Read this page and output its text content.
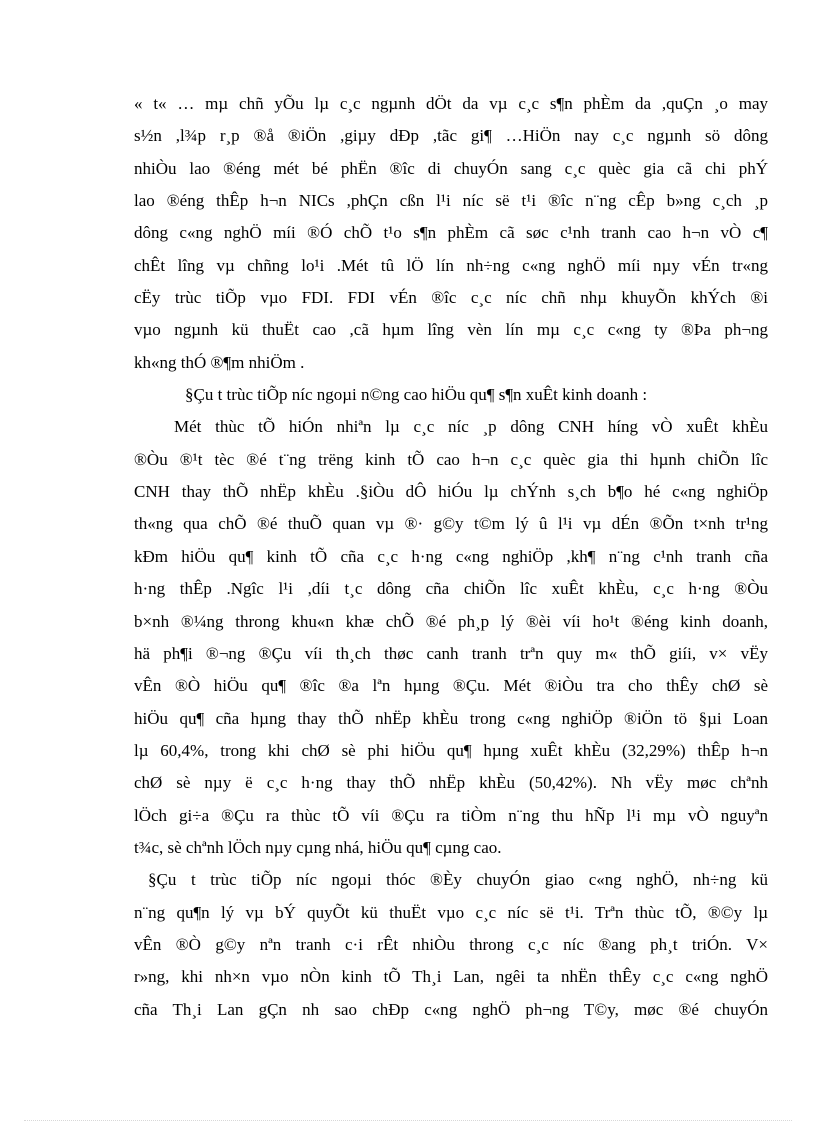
« t« … mµ chñ yÕu lµ c¸c ngµnh dÖt da vµ c¸c s¶n phÈm da ,quÇn ¸o may
s½n ,l¾p r¸p ®å ®iÖn ,giµy dÐp ,tãc gi¶ …HiÖn nay c¸c ngµnh sö dông
nhiÒu lao ®éng mét bé phËn ®îc di chuyÓn sang c¸c quèc gia cã chi phÝ
lao ®éng thÊp h¬n NICs ,phÇn cßn l¹i níc së t¹i ®îc n¨ng cÊp b»ng c¸ch ¸p
dông c«ng nghÖ míi ®Ó chÕ t¹o s¶n phÈm cã søc c¹nh tranh cao h¬n vÒ c¶
chÊt lîng vµ chñng lo¹i .Mét tû lÖ lín nh÷ng c«ng nghÖ míi nµy vÉn tr«ng
cËy trùc tiÕp vµo FDI. FDI vÉn ®îc c¸c níc chñ nhµ khuyÕn khÝch ®i
vµo ngµnh kü thuËt cao ,cã hµm lîng vèn lín mµ c¸c c«ng ty ®Þa ph¬ng
kh«ng thÓ ®¶m nhiÖm .
§Çu t trùc tiÕp níc ngoµi n©ng cao hiÖu qu¶ s¶n xuÊt kinh doanh :
Mét thùc tÕ hiÓn nhiªn lµ c¸c níc ¸p dông CNH híng vÒ xuÊt khÈu
®Òu ®¹t tèc ®é t¨ng trëng kinh tÕ cao h¬n c¸c quèc gia thi hµnh chiÕn lîc
CNH thay thÕ nhËp khÈu .§iÒu dÔ hiÓu lµ chÝnh s¸ch b¶o hé c«ng nghiÖp
th«ng qua chÕ ®é thuÕ quan vµ ®· g©y t©m lý û l¹i vµ dÉn ®Õn t×nh tr¹ng
kÐm hiÖu qu¶ kinh tÕ cña c¸c h·ng c«ng nghiÖp ,kh¶ n¨ng c¹nh tranh cña
h·ng thÊp .Ngîc l¹i ,díi t¸c dông cña chiÕn lîc xuÊt khÈu, c¸c h·ng ®Òu
b×nh ®¼ng throng khu«n khæ chÕ ®é ph¸p lý ®èi víi ho¹t ®éng kinh doanh,
hä ph¶i ®¬ng ®Çu víi th¸ch thøc canh tranh trªn quy m« thÕ giíi, v× vËy
vÊn ®Ò hiÖu qu¶ ®îc ®a lªn hµng ®Çu. Mét ®iÒu tra cho thÊy chØ sè
hiÖu qu¶ cña hµng thay thÕ nhËp khÈu trong c«ng nghiÖp ®iÖn tö §µi Loan
lµ 60,4%, trong khi chØ sè phi hiÖu qu¶ hµng xuÊt khÈu (32,29%) thÊp h¬n
chØ sè nµy ë c¸c h·ng thay thÕ nhËp khÈu (50,42%). Nh vËy møc chªnh
lÖch gi÷a ®Çu ra thùc tÕ víi ®Çu ra tiÒm n¨ng thu hÑp l¹i mµ vÒ nguyªn
t¾c, sè chªnh lÖch nµy cµng nhá, hiÖu qu¶ cµng cao.
§Çu t trùc tiÕp níc ngoµi thóc ®Èy chuyÓn giao c«ng nghÖ, nh÷ng kü
n¨ng qu¶n lý vµ bÝ quyÕt kü thuËt vµo c¸c níc së t¹i. Trªn thùc tÕ, ®©y lµ
vÊn ®Ò g©y nªn tranh c·i rÊt nhiÒu throng c¸c níc ®ang ph¸t triÓn. V×
r»ng, khi nh×n vµo nÒn kinh tÕ Th¸i Lan, ngêi ta nhËn thÊy c¸c c«ng nghÖ
cña Th¸i Lan gÇn nh sao chÐp c«ng nghÖ ph¬ng T©y, møc ®é chuyÓn
